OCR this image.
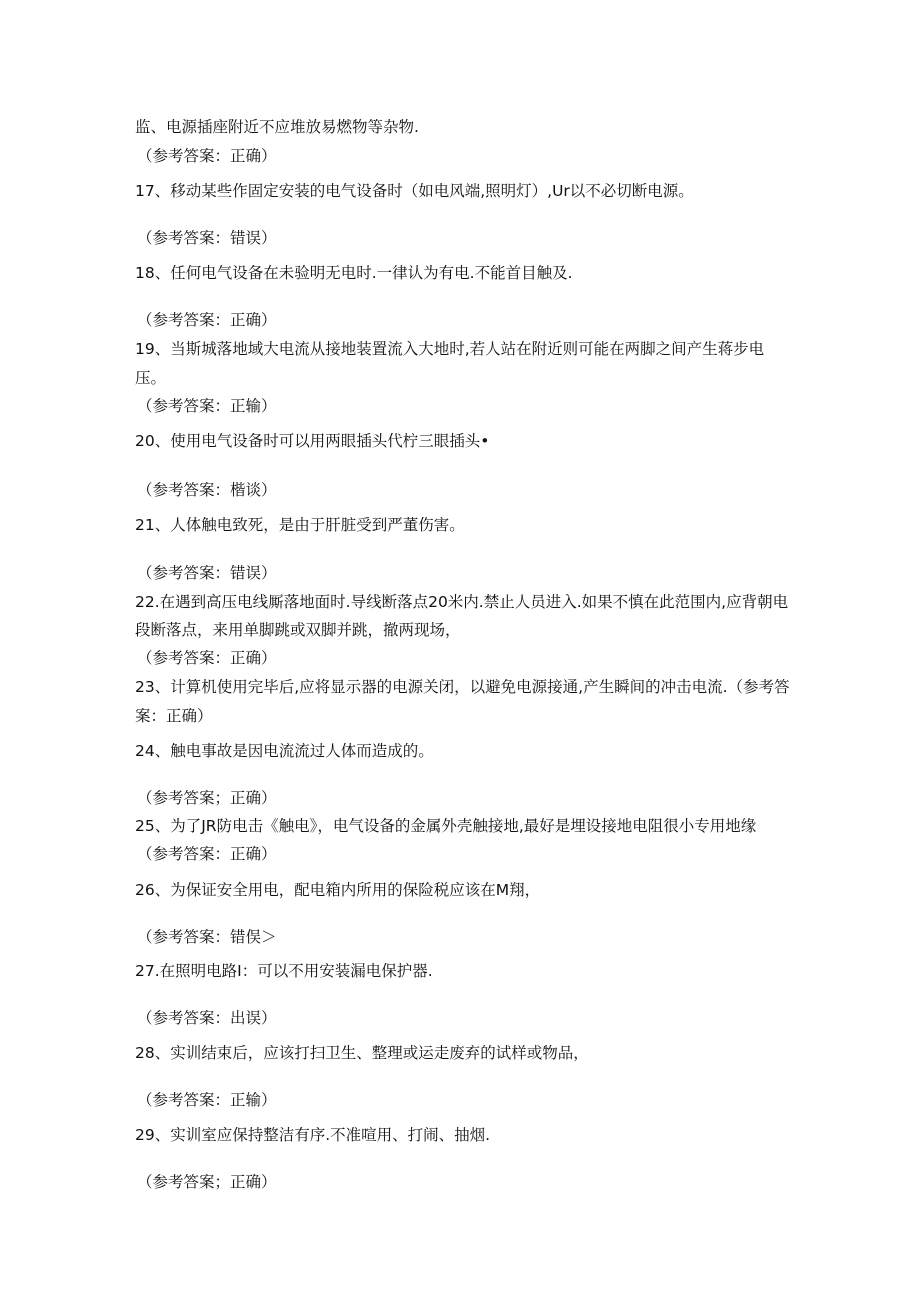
监、电源插座附近不应堆放易燃物等杂物.
（参考答案：正确）
17、移动某些作固定安装的电气设备时（如电风端,照明灯）,Ur以不必切断电源。
（参考答案：错误）
18、任何电气设备在未验明无电时.一律认为有电.不能首目触及.
（参考答案：正确）
19、当斯城落地域大电流从接地装置流入大地时,若人站在附近则可能在两脚之间产生蒋步电
压。
（参考答案：正输）
20、使用电气设备时可以用两眼插头代柠三眼插头•
（参考答案：楷谈）
21、人体触电致死，是由于肝脏受到严董伤害。
（参考答案：错误）
22.在遇到高压电线厮落地面时.导线断落点20米内.禁止人员进入.如果不慎在此范围内,应背朝电
段断落点，来用单脚跳或双脚并跳，撤两现场，
（参考答案：正确）
23、计算机使用完毕后,应将显示器的电源关闭，以避免电源接通,产生瞬间的冲击电流.（参考答
案：正确）
24、触电事故是因电流流过人体而造成的。
（参考答案；正确）
25、为了JR防电击《触电》，电气设备的金属外壳触接地,最好是埋设接地电阻很小专用地缘
（参考答案：正确）
26、为保证安全用电，配电箱内所用的保险税应该在M翔，
（参考答案：错俣＞
27.在照明电路I：可以不用安装漏电保护器.
（参考答案：出误）
28、实训结束后，应该打扫卫生、整理或运走废弃的试样或物品，
（参考答案：正输）
29、实训室应保持整洁有序.不准喧用、打闹、抽烟.
（参考答案；正确）
